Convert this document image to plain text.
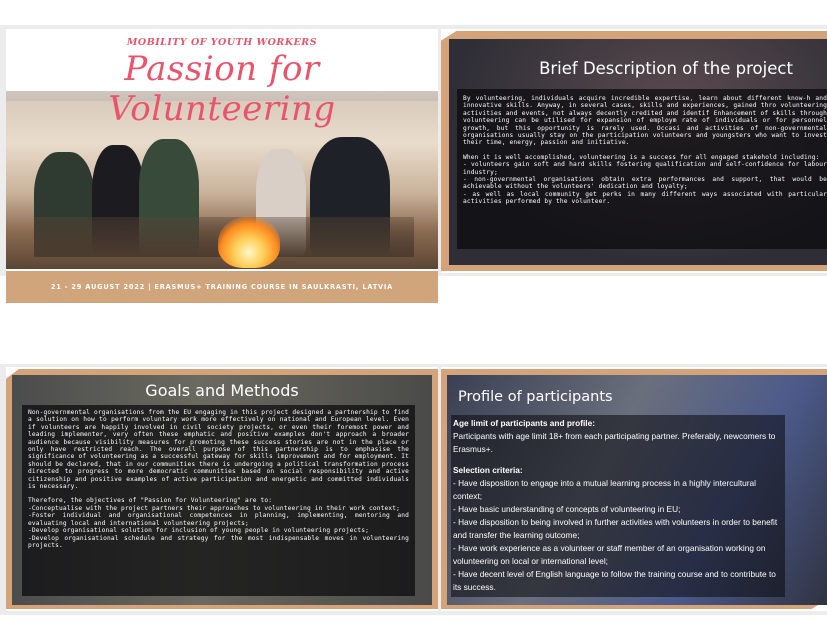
MOBILITY OF YOUTH WORKERS
Passion for Volunteering
21 - 29 AUGUST 2022 | ERASMUS+ TRAINING COURSE IN SAULKRASTI, LATVIA
Brief Description of the project

By volunteering, individuals acquire incredible expertise, learn about different know-h and innovative skills. Anyway, in several cases, skills and experiences, gained thro volunteering activities and events, not always decently credited and identif Enhancement of skills through volunteering can be utilised for expansion of employm rate of individuals or for personnel growth, but this opportunity is rarely used. Occasi and activities of non-governmental organisations usually stay on the participation volunteers and youngsters who want to invest their time, energy, passion and initiative.

When it is well accomplished, volunteering is a success for all engaged stakehold including:

- volunteers gain soft and hard skills fostering qualification and self-confidence for labour industry;

- non-governmental organisations obtain extra performances and support, that would be achievable without the volunteers' dedication and loyalty;

- as well as local community get perks in many different ways associated with particular activities performed by the volunteer.

Goals and Methods

Non-governmental organisations from the EU engaging in this project designed a partnership to find a solution on how to perform voluntary work more effectively on national and European level. Even if volunteers are happily involved in civil society projects, or even their foremost power and leading implementer, very often these emphatic and positive examples don't approach a broader audience because visibility measures for promoting these success stories are not in the place or only have restricted reach. The overall purpose of this partnership is to emphasise the significance of volunteering as a successful gateway for skills improvement and for employment. It should be declared, that in our communities there is undergoing a political transformation process directed to progress to more democratic communities based on social responsibility and active citizenship and positive examples of active participation and energetic and committed individuals is necessary.

Therefore, the objectives of "Passion for Volunteering" are to:

-Conceptualise with the project partners their approaches to volunteering in their work context;

-Foster individual and organisational competences in planning, implementing, mentoring and evaluating local and international volunteering projects;

-Develop organisational solution for inclusion of young people in volunteering projects;

-Develop organisational schedule and strategy for the most indispensable moves in volunteering projects.

Profile of participants
Age limit of participants and profile:
Participants with age limit 18+ from each participating partner. Preferably, newcomers to Erasmus+.
Selection criteria:
- Have disposition to engage into a mutual learning process in a highly intercultural context;
- Have basic understanding of concepts of volunteering in EU;
- Have disposition to being involved in further activities with volunteers in order to benefit and transfer the learning outcome;
- Have work experience as a volunteer or staff member of an organisation working on volunteering on local or international level;
- Have decent level of English language to follow the training course and to contribute to its success.
